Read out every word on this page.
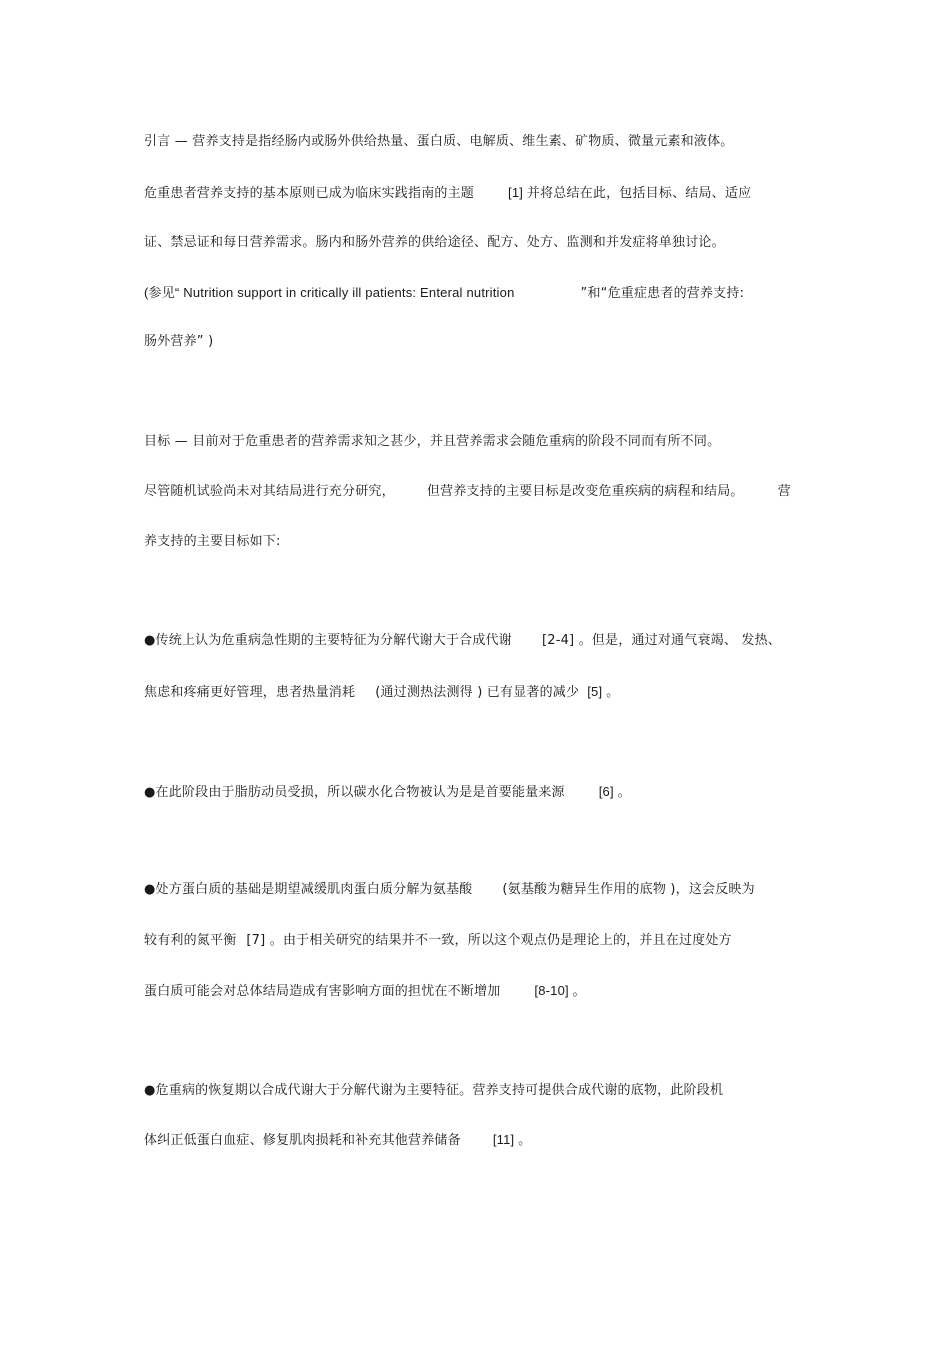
引言 — 营养支持是指经肠内或肠外供给热量、蛋白质、电解质、维生素、矿物质、微量元素和液体。
危重患者营养支持的基本原则已成为临床实践指南的主题	[1] 并将总结在此，包括目标、结局、适应
证、禁忌证和每日营养需求。肠内和肠外营养的供给途径、配方、处方、监测和并发症将单独讨论。
(参见“ Nutrition support in critically ill patients: Enteral nutrition	”和“危重症患者的营养支持:
肠外营养” )
目标 — 目前对于危重患者的营养需求知之甚少，并且营养需求会随危重病的阶段不同而有所不同。
尽管随机试验尚未对其结局进行充分研究， 但营养支持的主要目标是改变危重疾病的病程和结局。	营
养支持的主要目标如下:
●传统上认为危重病急性期的主要特征为分解代谢大于合成代谢 [2-4] 。但是，通过对通气衰竭、 发热、
焦虑和疼痛更好管理，患者热量消耗 (通过测热法测得 ) 已有显著的减少 [5] 。
●在此阶段由于脂肪动员受损，所以碳水化合物被认为是是首要能量来源	[6] 。
●处方蛋白质的基础是期望减缓肌肉蛋白质分解为氨基酸 (氨基酸为糖异生作用的底物 )，这会反映为
较有利的氮平衡 [7] 。由于相关研究的结果并不一致，所以这个观点仍是理论上的，并且在过度处方
蛋白质可能会对总体结局造成有害影响方面的担忧在不断增加	[8-10] 。
●危重病的恢复期以合成代谢大于分解代谢为主要特征。营养支持可提供合成代谢的底物，此阶段机
体纠正低蛋白血症、修复肌肉损耗和补充其他营养储备 [11] 。
